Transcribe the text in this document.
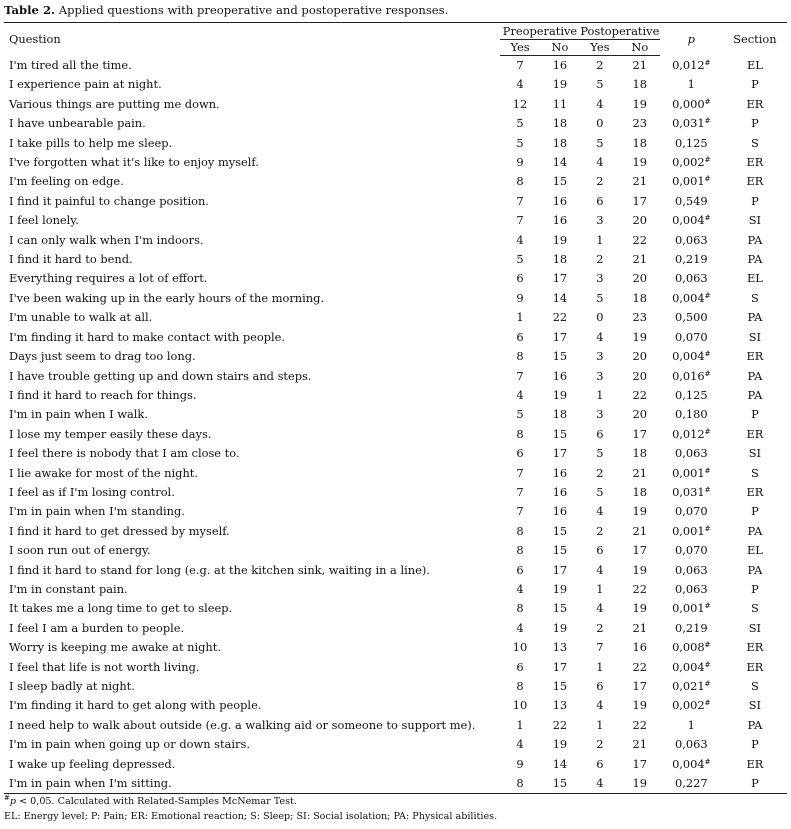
Table 2. Applied questions with preoperative and postoperative responses.
Question	Preoperative		Postoperative		p	Section
	Yes	No	Yes	No		
I'm tired all the time.	7	16	2	21	0,012#	EL
I experience pain at night.	4	19	5	18	1	P
Various things are putting me down.	12	11	4	19	0,000#	ER
I have unbearable pain.	5	18	0	23	0,031#	P
I take pills to help me sleep.	5	18	5	18	0,125	S
I've forgotten what it's like to enjoy myself.	9	14	4	19	0,002#	ER
I'm feeling on edge.	8	15	2	21	0,001#	ER
I find it painful to change position.	7	16	6	17	0,549	P
I feel lonely.	7	16	3	20	0,004#	SI
I can only walk when I'm indoors.	4	19	1	22	0,063	PA
I find it hard to bend.	5	18	2	21	0,219	PA
Everything requires a lot of effort.	6	17	3	20	0,063	EL
I've been waking up in the early hours of the morning.	9	14	5	18	0,004#	S
I'm unable to walk at all.	1	22	0	23	0,500	PA
I'm finding it hard to make contact with people.	6	17	4	19	0,070	SI
Days just seem to drag too long.	8	15	3	20	0,004#	ER
I have trouble getting up and down stairs and steps.	7	16	3	20	0,016#	PA
I find it hard to reach for things.	4	19	1	22	0,125	PA
I'm in pain when I walk.	5	18	3	20	0,180	P
I lose my temper easily these days.	8	15	6	17	0,012#	ER
I feel there is nobody that I am close to.	6	17	5	18	0,063	SI
I lie awake for most of the night.	7	16	2	21	0,001#	S
I feel as if I'm losing control.	7	16	5	18	0,031#	ER
I'm in pain when I'm standing.	7	16	4	19	0,070	P
I find it hard to get dressed by myself.	8	15	2	21	0,001#	PA
I soon run out of energy.	8	15	6	17	0,070	EL
I find it hard to stand for long (e.g. at the kitchen sink, waiting in a line).	6	17	4	19	0,063	PA
I'm in constant pain.	4	19	1	22	0,063	P
It takes me a long time to get to sleep.	8	15	4	19	0,001#	S
I feel I am a burden to people.	4	19	2	21	0,219	SI
Worry is keeping me awake at night.	10	13	7	16	0,008#	ER
I feel that life is not worth living.	6	17	1	22	0,004#	ER
I sleep badly at night.	8	15	6	17	0,021#	S
I'm finding it hard to get along with people.	10	13	4	19	0,002#	SI
I need help to walk about outside (e.g. a walking aid or someone to support me).	1	22	1	22	1	PA
I'm in pain when going up or down stairs.	4	19	2	21	0,063	P
I wake up feeling depressed.	9	14	6	17	0,004#	ER
I'm in pain when I'm sitting.	8	15	4	19	0,227	P
#p < 0,05. Calculated with Related-Samples McNemar Test.
EL: Energy level; P: Pain; ER: Emotional reaction; S: Sleep; SI: Social isolation; PA: Physical abilities.
